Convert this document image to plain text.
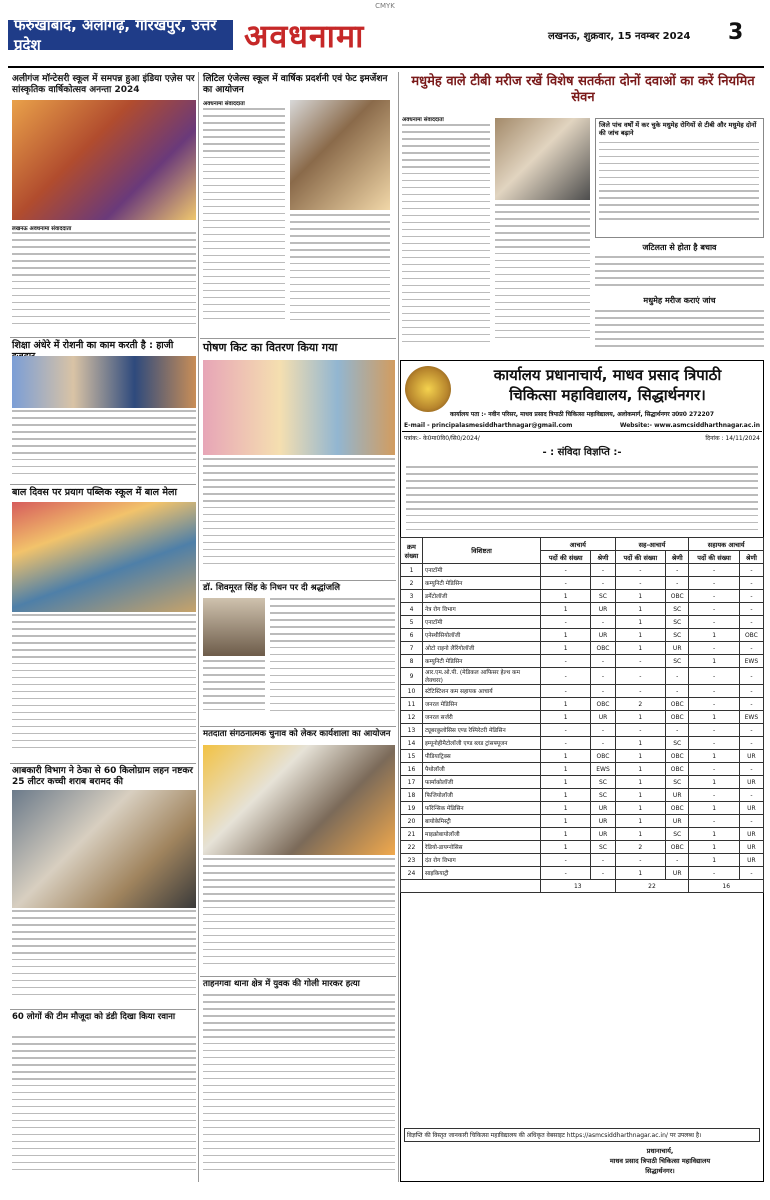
CMYK
फर्रुखाबाद, अलीगढ़, गोरखपुर, उत्तर प्रदेश	अवधनामा	लखनऊ, शुक्रवार, 15 नवम्बर 2024 3
अलीगंज मॉन्टेसरी स्कूल में समपन्न हुआ इंडिया एज़ेस पर सांस्कृतिक वार्षिकोत्सव अनन्ता 2024
लखनऊ अवधनामा संवाददाता
शिक्षा अंधेरे में रोशनी का काम करती है : हाजी
बाल दिवस पर प्रयाग पब्लिक स्कूल में बाल मेला
आबकारी विभाग ने ठेका से 60 किलोग्राम लहन नष्टकर 25 लीटर कच्ची शराब बरामद की
60 लोगों की टीम मौजूदा को डंडी दिखा किया रवाना
लिटिल एंजेल्स स्कूल में वार्षिक प्रदर्शनी एवं फेट इमर्जेशन का आयोजन
अवधनामा संवाददाता
मधुमेह वाले टीबी मरीज रखें विशेष सतर्कता दोनों दवाओं का करें नियमित सेवन
अवधनामा संवाददाता
जिले पांच वर्षों में कर चुके मधुमेह रोगियों से टीबी और मधुमेह दोनों की जांच बढ़ाने
जटिलता से होता है बचाव
मधुमेह मरीज कराएं जांच
पोषण किट का वितरण किया गया
डॉ. शिवमूरत सिंह के निधन पर दी श्रद्धांजलि
मतदाता संगठनात्मक चुनाव को लेकर कार्यशाला का आयोजन
ताहनगवा थाना क्षेत्र में युवक की गोली मारकर हत्या
कार्यालय प्रधानाचार्य, माधव प्रसाद त्रिपाठी
चिकित्सा महाविद्यालय, सिद्धार्थनगर।
कार्यालय पता :- नवीन परिसर, माधव प्रसाद त्रिपाठी चिकित्सा महाविद्यालय, अलोकमार्ग, सिद्धार्थनगर उ0प्र0 272207
E-mail - principalasmesiddharthnagar@gmail.com	Website:- www.asmcsiddharthnagar.ac.in
पत्रांक:- के0मा0वि0/सि0/2024/	दिनांक : 14/11/2024
- : संविदा विज्ञप्ति :-
क्रम संख्या	विशिष्टता	आचार्य		सह-आचार्य		सहायक आचार्य	
		पदों की संख्या	श्रेणी	पदों की संख्या	श्रेणी	पदों की संख्या	श्रेणी
1	एनाटॉमी	-	-	-	-	-	-
2	कम्युनिटी मेडिसिन	-	-	-	-	-	-
3	डर्मेटोलॉजी	1	SC	1	OBC	-	-
4	नेत्र रोग विभाग	1	UR	1	SC	-	-
5	एनाटॉमी	-	-	1	SC	-	-
6	एनेस्थीसियोलॉजी	1	UR	1	SC	1	OBC
7	ओटो राइनो लैरिंगोलॉजी	1	OBC	1	UR	-	-
8	कम्युनिटी मेडिसिन	-	-	-	SC	1	EWS
9	आर.एम.ओ.पी. (मेडिकल आफिसर हेल्थ कम लेक्चरर)	-	-	-	-	-	-
10	स्टेटिस्टिशन कम सहायक आचार्य	-	-	-	-	-	-
11	जनरल मेडिसिन	1	OBC	2	OBC	-	-
12	जनरल सर्जरी	1	UR	1	OBC	1	EWS
13	ट्यूबरकुलोसिस एण्ड रेस्पिरेटरी मेडिसिन	-	-	-	-	-	-
14	इम्यूनोहीमैटोलॉजी एण्ड ब्लड ट्रांसफ्यूजन	-	-	1	SC	-	-
15	पीडियाट्रिक्स	1	OBC	1	OBC	1	UR
16	पैथोलॉजी	1	EWS	1	OBC	-	-
17	फार्माकोलॉजी	1	SC	1	SC	1	UR
18	फिजियोलॉजी	1	SC	1	UR	-	-
19	फॉरेन्सिक मेडिसिन	1	UR	1	OBC	1	UR
20	बायोकेमिस्ट्री	1	UR	1	UR	-	-
21	माइक्रोबायोलॉजी	1	UR	1	SC	1	UR
22	रेडियो-डायग्नोसिस	1	SC	2	OBC	1	UR
23	दंत रोग विभाग	-	-	-	-	1	UR
24	साइकियाट्री	-	-	1	UR	-	-
		13		22		16	
विज्ञप्ति की विस्तृत जानकारी चिकित्सा महाविद्यालय की अधिकृत वेबसाइट https://asmcsiddharthnagar.ac.in/ पर उपलब्ध है।
प्रधानाचार्य,
माधव प्रसाद त्रिपाठी चिकित्सा महाविद्यालय
सिद्धार्थनगर।
